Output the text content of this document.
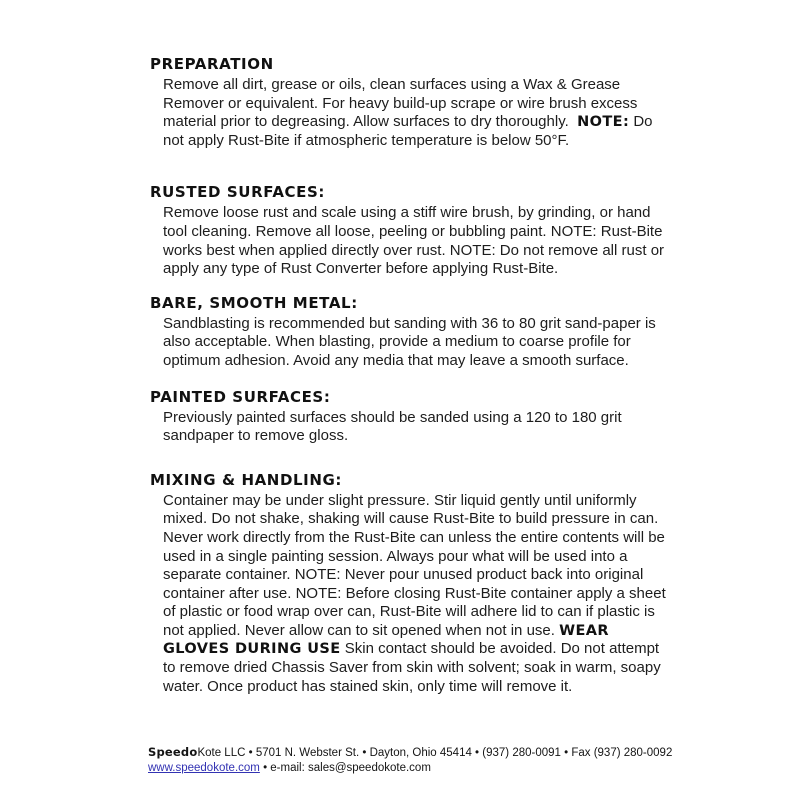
PREPARATION

Remove all dirt, grease or oils, clean surfaces using a Wax & Grease Remover or equivalent. For heavy build-up scrape or wire brush excess material prior to degreasing. Allow surfaces to dry thoroughly.  NOTE: Do not apply Rust-Bite if atmospheric temperature is below 50°F.

RUSTED SURFACES:

Remove loose rust and scale using a stiff wire brush, by grinding, or hand tool cleaning. Remove all loose, peeling or bubbling paint. NOTE: Rust-Bite works best when applied directly over rust. NOTE: Do not remove all rust or apply any type of Rust Converter before applying Rust-Bite.

BARE, SMOOTH METAL:

Sandblasting is recommended but sanding with 36 to 80 grit sand-paper is also acceptable. When blasting, provide a medium to coarse profile for optimum adhesion. Avoid any media that may leave a smooth surface.

PAINTED SURFACES:

Previously painted surfaces should be sanded using a 120 to 180 grit sandpaper to remove gloss.

MIXING & HANDLING:

Container may be under slight pressure. Stir liquid gently until uniformly mixed. Do not shake, shaking will cause Rust-Bite to build pressure in can. Never work directly from the Rust-Bite can unless the entire contents will be used in a single painting session. Always pour what will be used into a separate container. NOTE: Never pour unused product back into original container after use. NOTE: Before closing Rust-Bite container apply a sheet of plastic or food wrap over can, Rust-Bite will adhere lid to can if plastic is not applied. Never allow can to sit opened when not in use. WEAR GLOVES DURING USE Skin contact should be avoided. Do not attempt to remove dried Chassis Saver from skin with solvent; soak in warm, soapy water. Once product has stained skin, only time will remove it.

SpeedoKote LLC • 5701 N. Webster St. • Dayton, Ohio 45414 • (937) 280-0091 • Fax (937) 280-0092

www.speedokote.com • e-mail: sales@speedokote.com
